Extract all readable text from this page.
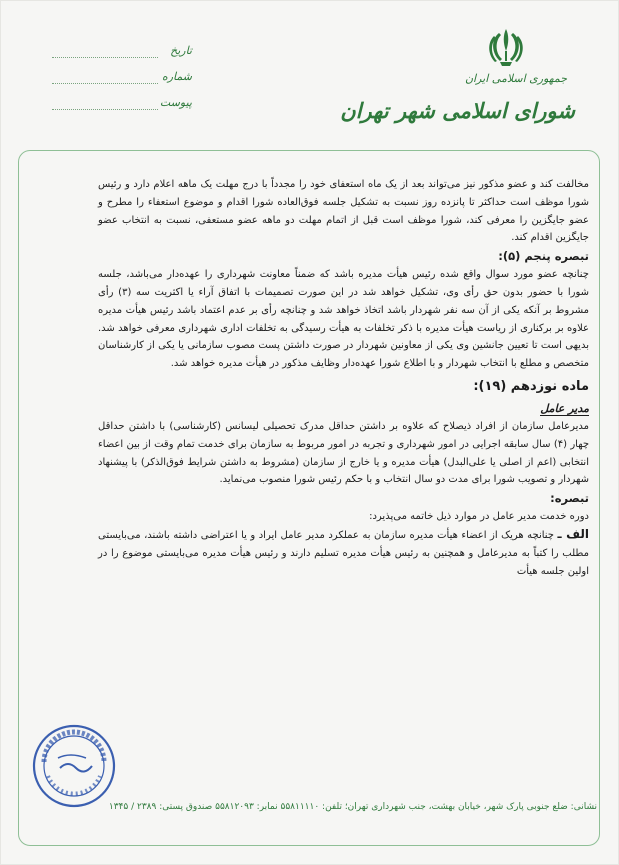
جمهوری اسلامی ایران
شورای اسلامی شهر تهران
تاریخ
شماره
پیوست

مخالفت کند و عضو مذکور نیز می‌تواند بعد از یک ماه استعفای خود را مجدداً با درج مهلت یک ماهه اعلام دارد و رئیس شورا موظف است حداکثر تا پانزده روز نسبت به تشکیل جلسه فوق‌العاده شورا اقدام و موضوع استعفاء را مطرح و عضو جایگزین را معرفی کند، شورا موظف است قبل از اتمام مهلت دو ماهه عضو مستعفی، نسبت به انتخاب عضو جایگزین اقدام کند.

تبصره پنجم (۵):

چنانچه عضو مورد سوال واقع شده رئیس هیأت مدیره باشد که ضمناً معاونت شهرداری را عهده‌دار می‌باشد، جلسه شورا با حضور بدون حق رأی وی، تشکیل خواهد شد در این صورت تصمیمات با اتفاق آراء یا اکثریت سه (۳) رأی مشروط بر آنکه یکی از آن سه نفر شهردار باشد اتخاذ خواهد شد و چنانچه رأی بر عدم اعتماد باشد رئیس هیأت مدیره علاوه بر برکناری از ریاست هیأت مدیره با ذکر تخلفات به هیأت رسیدگی به تخلفات اداری شهرداری معرفی خواهد شد. بدیهی است تا تعیین جانشین وی یکی از معاونین شهردار در صورت داشتن پست مصوب سازمانی یا یکی از کارشناسان متخصص و مطلع با انتخاب شهردار و با اطلاع شورا عهده‌دار وظایف مذکور در هیأت مدیره خواهد شد.

ماده نوزدهم (۱۹):

مدیر عامل

مدیرعامل سازمان از افراد ذیصلاح که علاوه بر داشتن حداقل مدرک تحصیلی لیسانس (کارشناسی) با داشتن حداقل چهار (۴) سال سابقه اجرایی در امور شهرداری و تجربه در امور مربوط به سازمان برای خدمت تمام وقت از بین اعضاء انتخابی (اعم از اصلی یا علی‌البدل) هیأت مدیره و یا خارج از سازمان (مشروط به داشتن شرایط فوق‌الذکر) با پیشنهاد شهردار و تصویب شورا برای مدت دو سال انتخاب و با حکم رئیس شورا منصوب می‌نماید.

تبصره:

دوره خدمت مدیر عامل در موارد ذیل خاتمه می‌پذیرد:

الف ـ چنانچه هریک از اعضاء هیأت مدیره سازمان به عملکرد مدیر عامل ایراد و یا اعتراضی داشته باشند، می‌بایستی مطلب را کتباً به مدیرعامل و همچنین به رئیس هیأت مدیره تسلیم دارند و رئیس هیأت مدیره می‌بایستی موضوع را در اولین جلسه هیأت

نشانی: ضلع جنوبی پارک شهر، خیابان بهشت، جنب شهرداری تهران؛ تلفن: ۵۵۸۱۱۱۱۰ نمابر: ۵۵۸۱۲۰۹۳ صندوق پستی: ۲۳۸۹ / ۱۳۴۵
